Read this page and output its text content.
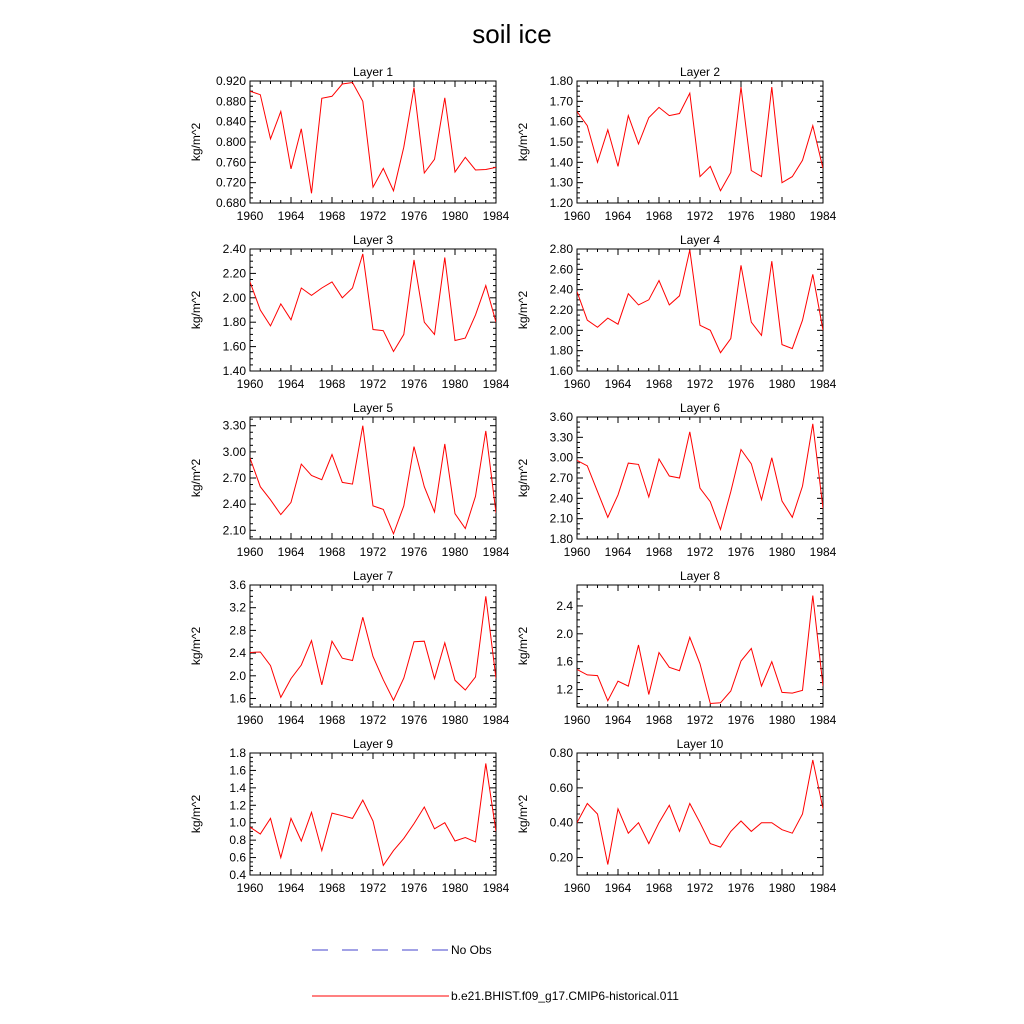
soil ice
Layer 1
kg/m^2
1960 1964 1968 1972 1976 1980 1984
0.680
0.720
0.760
0.800
0.840
0.880
0.920
Layer 2
kg/m^2
1960 1964 1968 1972 1976 1980 1984
1.20
1.30
1.40
1.50
1.60
1.70
1.80
Layer 3
kg/m^2
1960 1964 1968 1972 1976 1980 1984
1.40
1.60
1.80
2.00
2.20
2.40
Layer 4
kg/m^2
1960 1964 1968 1972 1976 1980 1984
1.60
1.80
2.00
2.20
2.40
2.60
2.80
Layer 5
kg/m^2
1960 1964 1968 1972 1976 1980 1984
2.10
2.40
2.70
3.00
3.30
Layer 6
kg/m^2
1960 1964 1968 1972 1976 1980 1984
1.80
2.10
2.40
2.70
3.00
3.30
3.60
Layer 7
kg/m^2
1960 1964 1968 1972 1976 1980 1984
1.6
2.0
2.4
2.8
3.2
3.6
Layer 8
kg/m^2
1960 1964 1968 1972 1976 1980 1984
1.2
1.6
2.0
2.4
Layer 9
kg/m^2
1960 1964 1968 1972 1976 1980 1984
0.4
0.6
0.8
1.0
1.2
1.4
1.6
1.8
Layer 10
kg/m^2
1960 1964 1968 1972 1976 1980 1984
0.20
0.40
0.60
0.80
No Obs
b.e21.BHIST.f09_g17.CMIP6-historical.011
